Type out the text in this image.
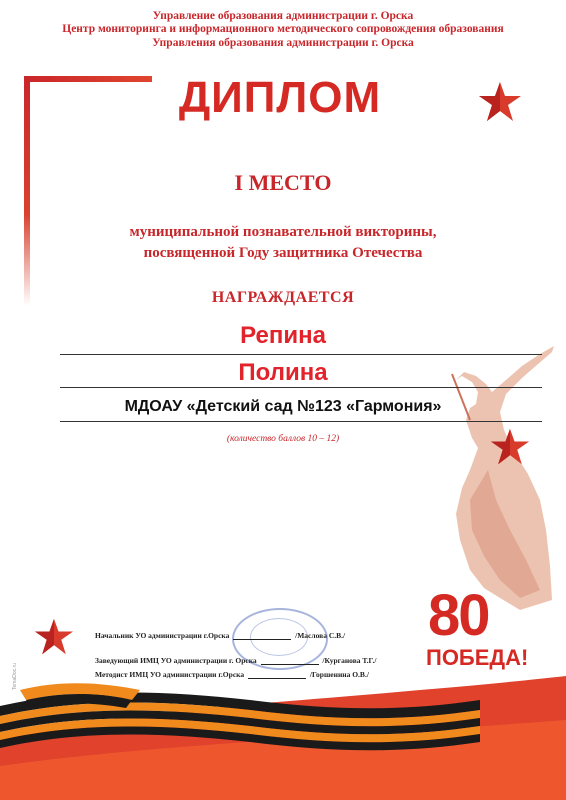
Управление образования администрации г. Орска
Центр мониторинга и информационного методического сопровождения образования
Управления образования администрации г. Орска
ДИПЛОМ
I МЕСТО
муниципальной познавательной викторины,
посвященной Году защитника Отечества
НАГРАЖДАЕТСЯ
Репина
Полина
МДОАУ «Детский сад №123 «Гармония»
(количество баллов 10 – 12)
Начальник УО администрации г.Орска	/Маслова С.В./
Заведующий ИМЦ УО администрации г. Орска	/Курганова Т.Г./
Методист ИМЦ УО администрации г.Орска	/Горшенина О.В./
80
ПОБЕДА!
TemaDoc.ru
